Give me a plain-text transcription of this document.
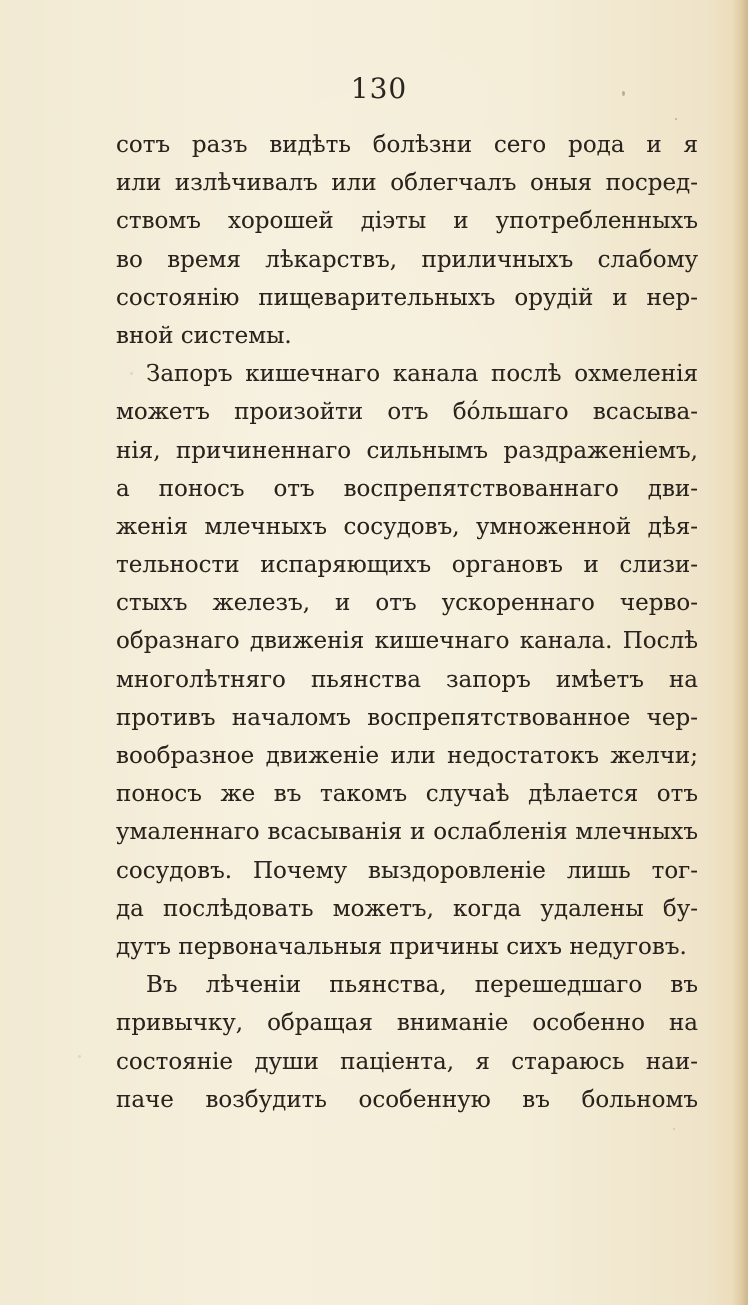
130
сотъ разъ видѣть болѣзни сего рода и я
или излѣчивалъ или облегчалъ оныя посред-
ствомъ хорошей дiэты и употребленныхъ
во время лѣкарствъ, приличныхъ слабому
состоянiю пищеварительныхъ орудiй и нер-
вной системы.
Запоръ кишечнаго канала послѣ охмеленiя
можетъ произойти отъ бо́льшаго всасыва-
нiя, причиненнаго сильнымъ раздраженiемъ,
а поносъ отъ воспрепятствованнаго дви-
женiя млечныхъ сосудовъ, умноженной дѣя-
тельности испаряющихъ органовъ и слизи-
стыхъ железъ, и отъ ускореннаго черво-
образнаго движенiя кишечнаго канала. Послѣ
многолѣтняго пьянства запоръ имѣетъ на
противъ началомъ воспрепятствованное чер-
вообразное движенiе или недостатокъ желчи;
поносъ же въ такомъ случаѣ дѣлается отъ
умаленнаго всасыванiя и ослабленiя млечныхъ
сосудовъ. Почему выздоровленiе лишь тог-
да послѣдовать можетъ, когда удалены бу-
дутъ первоначальныя причины сихъ недуговъ.
Въ лѣченiи пьянства, перешедшаго въ
привычку, обращая вниманiе особенно на
состоянiе души пацiента, я стараюсь наи-
паче возбудить особенную въ больномъ
